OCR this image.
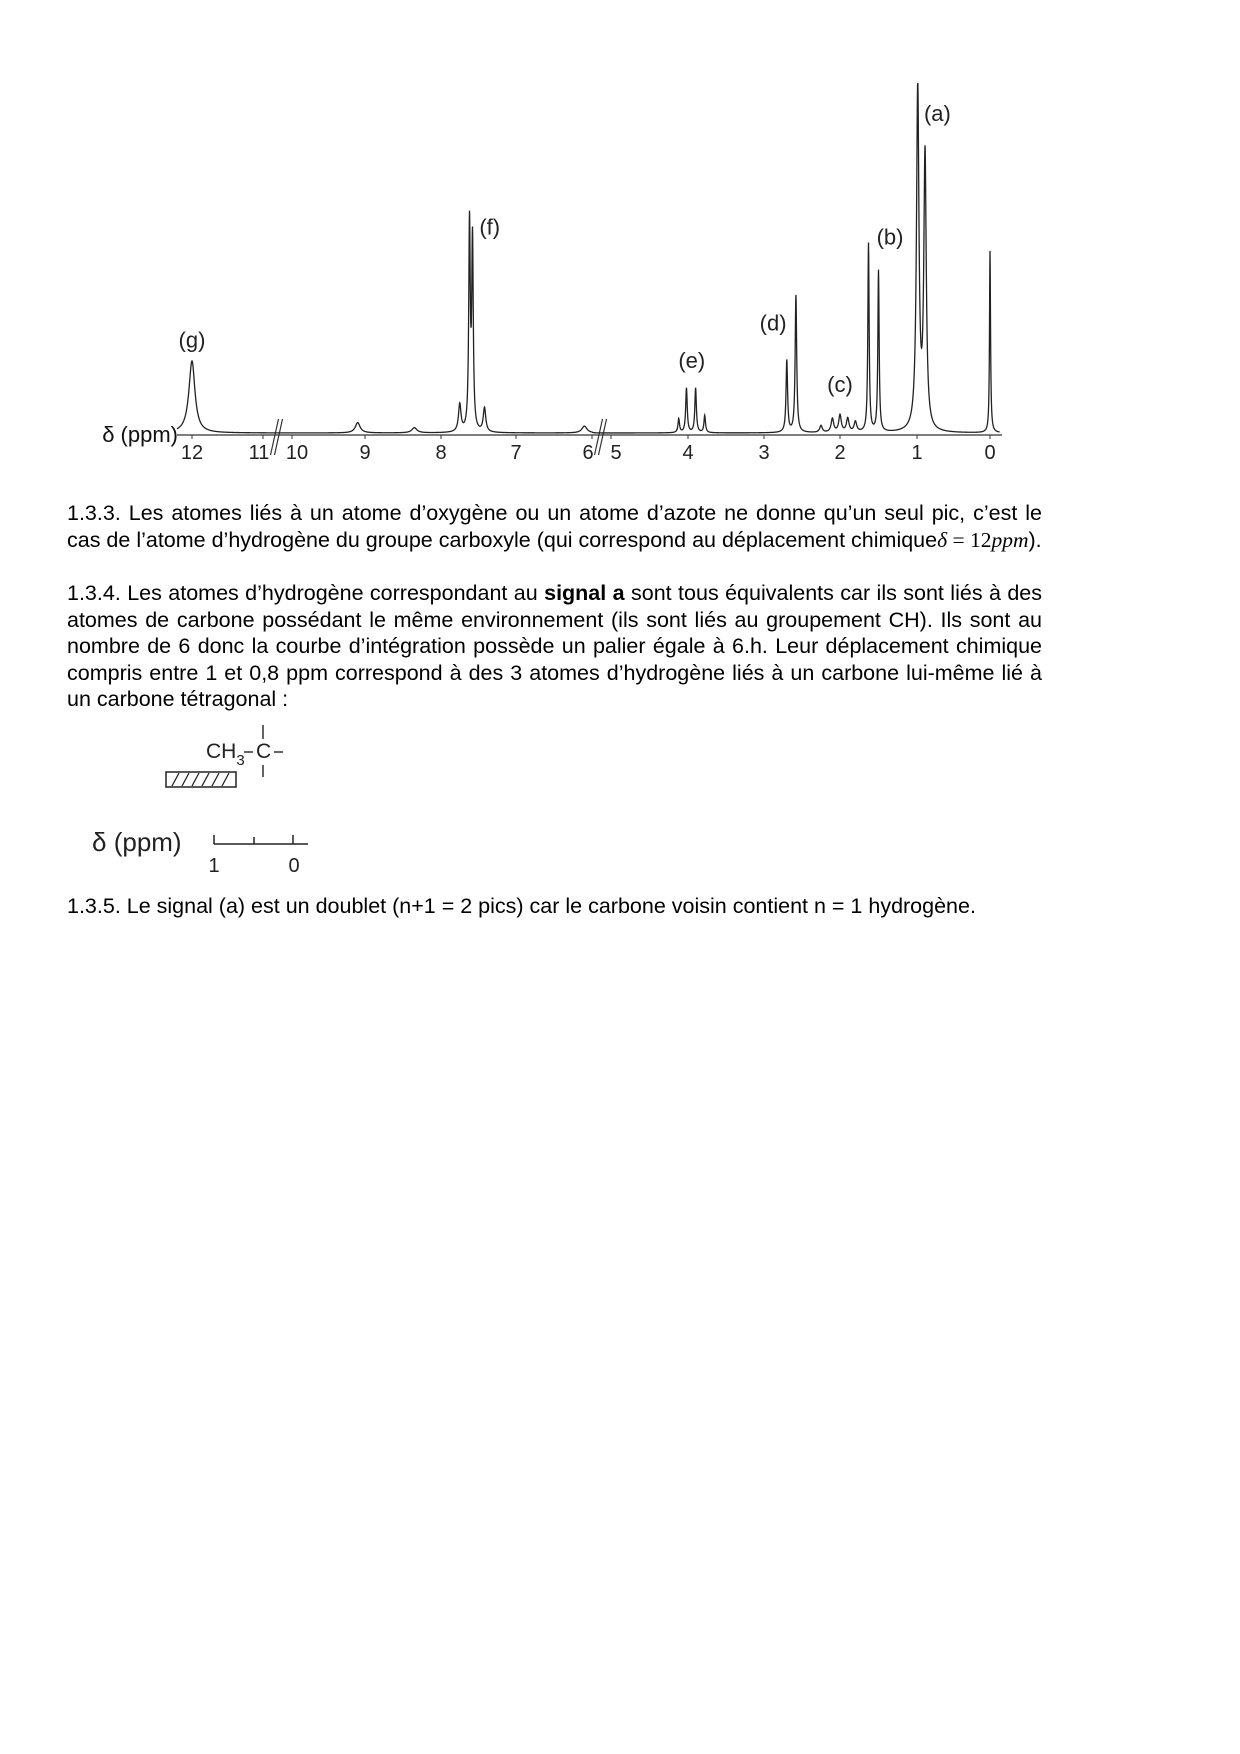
12 11 10	9	8	7	6 5	4	3	2	1	0
(a)
(b)
(c)
(d)
(e)
(f)
(g)
δ (ppm)
1.3.3. Les atomes liés à un atome d’oxygène ou un atome d’azote ne donne qu’un seul pic, c’est le cas de l’atome d’hydrogène du groupe carboxyle (qui correspond au déplacement chimiqueδ = 12ppm).
1.3.4. Les atomes d’hydrogène correspondant au signal a sont tous équivalents car ils sont liés à des atomes de carbone possédant le même environnement (ils sont liés au groupement CH). Ils sont au nombre de 6 donc la courbe d’intégration possède un palier égale à 6.h. Leur déplacement chimique compris entre 1 et 0,8 ppm correspond à des 3 atomes d’hydrogène liés à un carbone lui-même lié à un carbone tétragonal :
$CH_3$ C
δ (ppm)
1	0
1.3.5. Le signal (a) est un doublet (n+1 = 2 pics) car le carbone voisin contient n = 1 hydrogène.
